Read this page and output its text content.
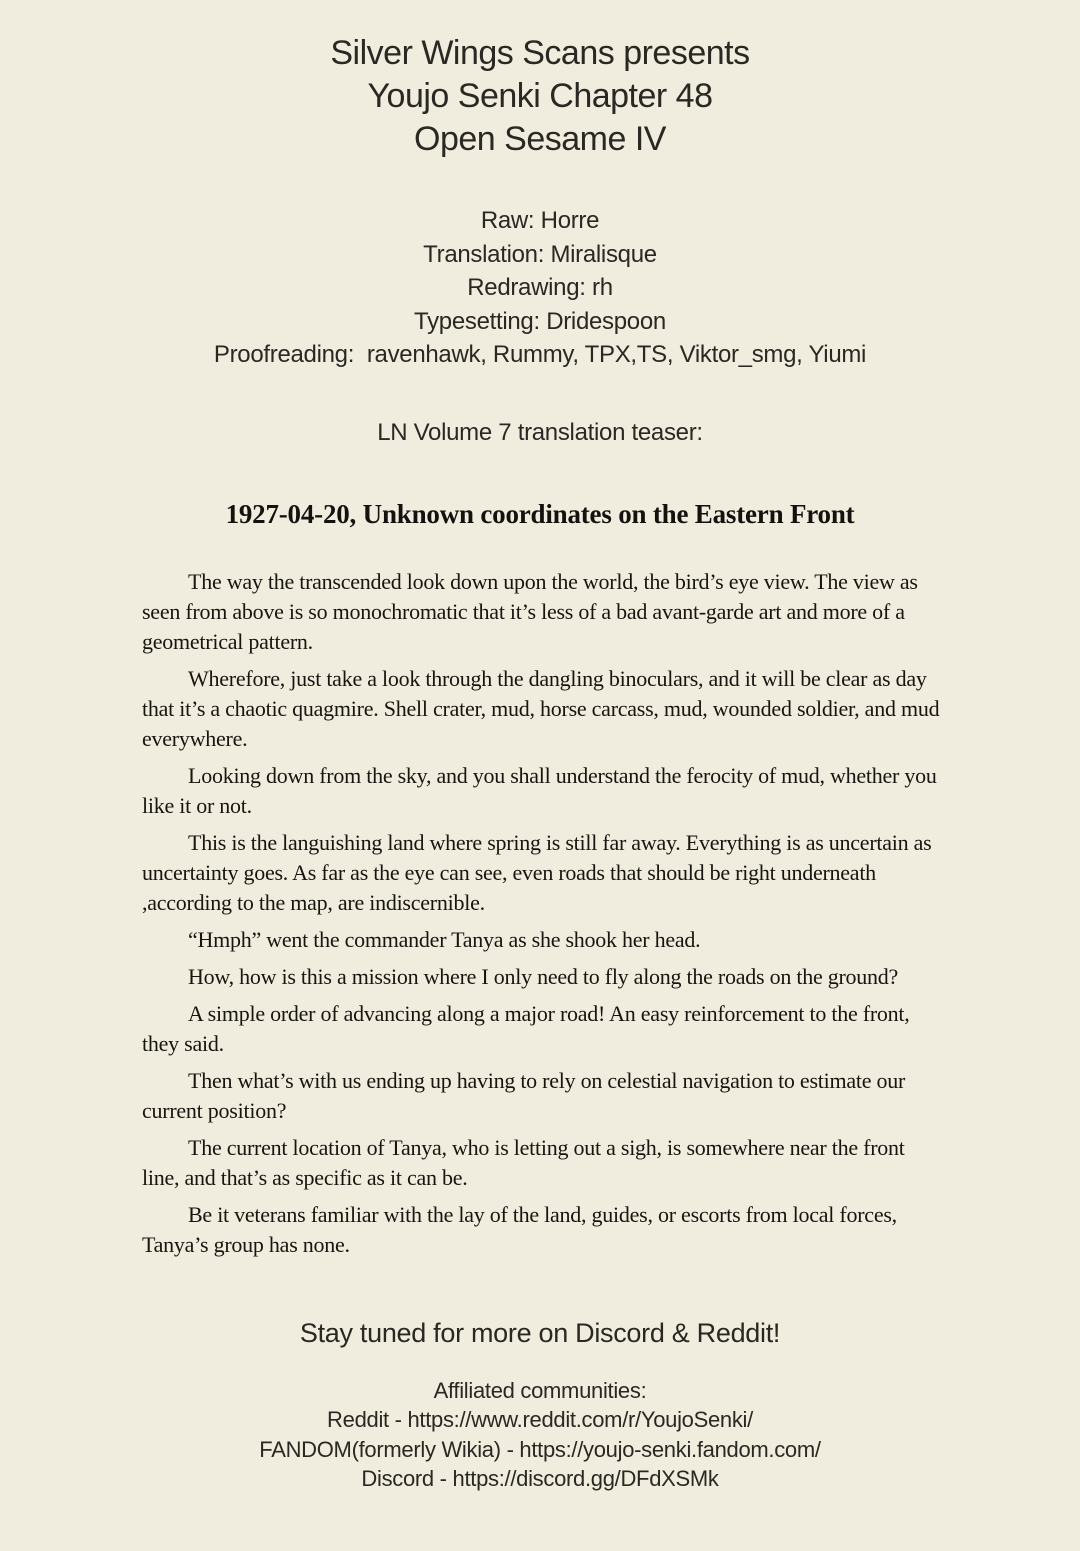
Silver Wings Scans presents
Youjo Senki Chapter 48
Open Sesame IV
Raw: Horre
Translation: Miralisque
Redrawing: rh
Typesetting: Dridespoon
Proofreading:  ravenhawk, Rummy, TPX,TS, Viktor_smg, Yiumi
LN Volume 7 translation teaser:
1927-04-20, Unknown coordinates on the Eastern Front

The way the transcended look down upon the world, the bird’s eye view. The view as seen from above is so monochromatic that it’s less of a bad avant-garde art and more of a geometrical pattern.

Wherefore, just take a look through the dangling binoculars, and it will be clear as day that it’s a chaotic quagmire. Shell crater, mud, horse carcass, mud, wounded soldier, and mud everywhere.

Looking down from the sky, and you shall understand the ferocity of mud, whether you like it or not.

This is the languishing land where spring is still far away. Everything is as uncertain as uncertainty goes. As far as the eye can see, even roads that should be right underneath ,according to the map, are indiscernible.

“Hmph” went the commander Tanya as she shook her head.

How, how is this a mission where I only need to fly along the roads on the ground?

A simple order of advancing along a major road! An easy reinforcement to the front, they said.

Then what’s with us ending up having to rely on celestial navigation to estimate our current position?

The current location of Tanya, who is letting out a sigh, is somewhere near the front line, and that’s as specific as it can be.

Be it veterans familiar with the lay of the land, guides, or escorts from local forces, Tanya’s group has none.

Stay tuned for more on Discord & Reddit!
Affiliated communities:
Reddit - https://www.reddit.com/r/YoujoSenki/
FANDOM(formerly Wikia) - https://youjo-senki.fandom.com/
Discord - https://discord.gg/DFdXSMk
